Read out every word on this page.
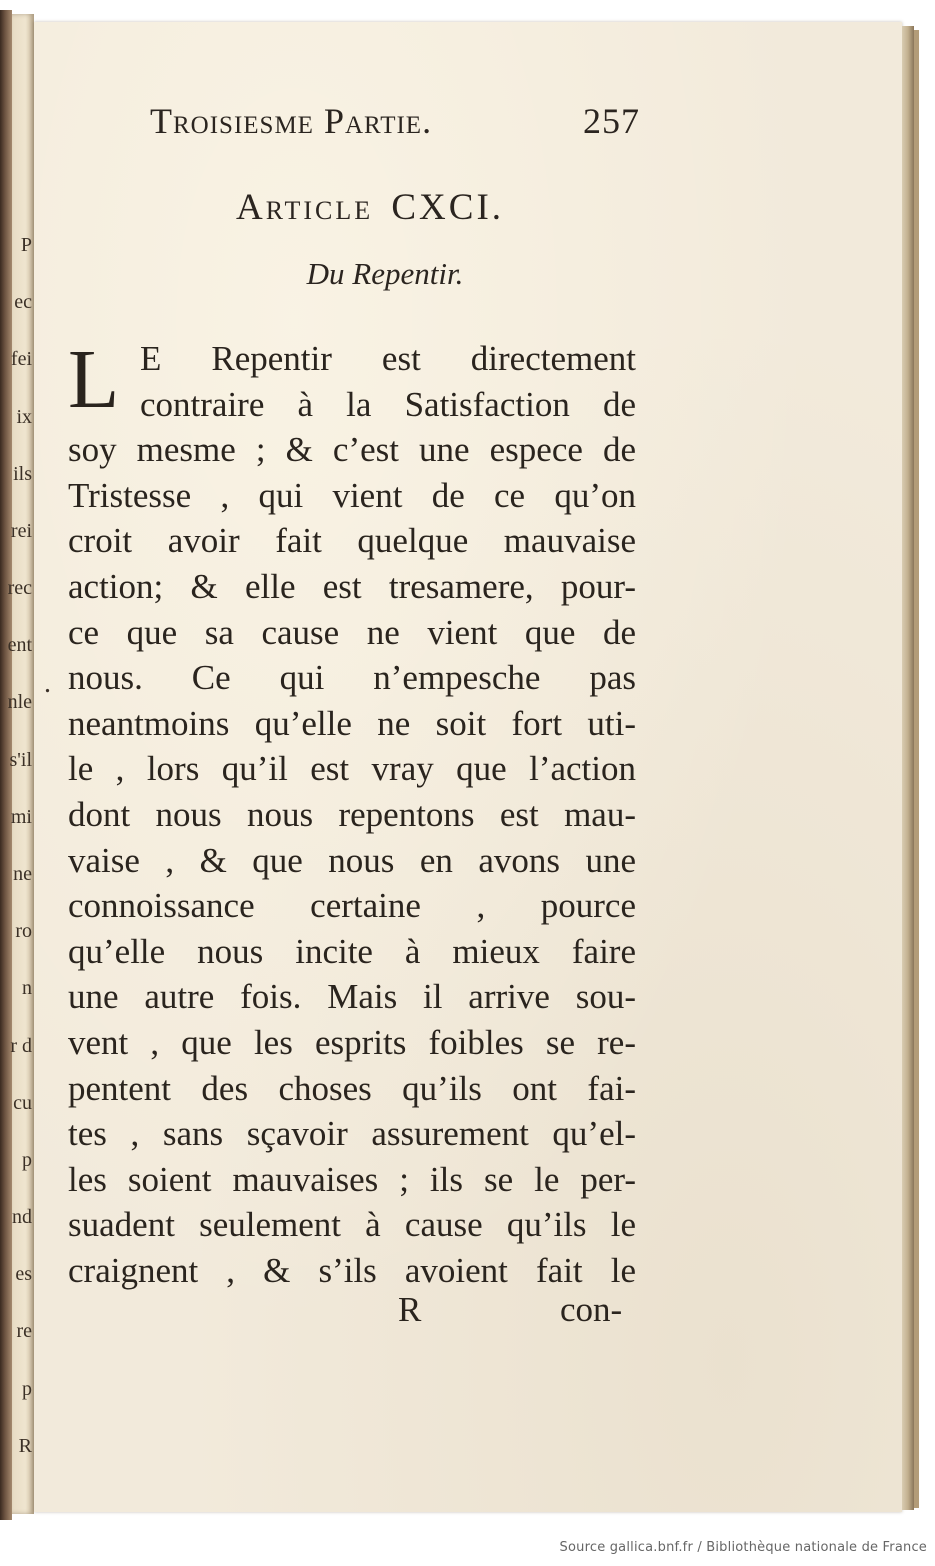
P
ec
fei
ix
ils
rei
rec
ent
nle
s'il
mi
ne
ro
n
r d
cu
p
nd
es
re
p
R
Troisiesme Partie.	257
Article CXCI.
Du Repentir.
L
.
E Repentir est directement
contraire à la Satisfaction de
soy mesme ; & c’est une espece de
Tristesse , qui vient de ce qu’on
croit avoir fait quelque mauvaise
action; & elle est tresamere, pour-
ce que sa cause ne vient que de
nous. Ce qui n’empesche pas
neantmoins qu’elle ne soit fort uti-
le , lors qu’il est vray que l’action
dont nous nous repentons est mau-
vaise , & que nous en avons une
connoissance certaine , pource
qu’elle nous incite à mieux faire
une autre fois. Mais il arrive sou-
vent , que les esprits foibles se re-
pentent des choses qu’ils ont fai-
tes , sans sçavoir assurement qu’el-
les soient mauvaises ; ils se le per-
suadent seulement à cause qu’ils le
craignent , & s’ils avoient fait le
R	con-
Source gallica.bnf.fr / Bibliothèque nationale de France
